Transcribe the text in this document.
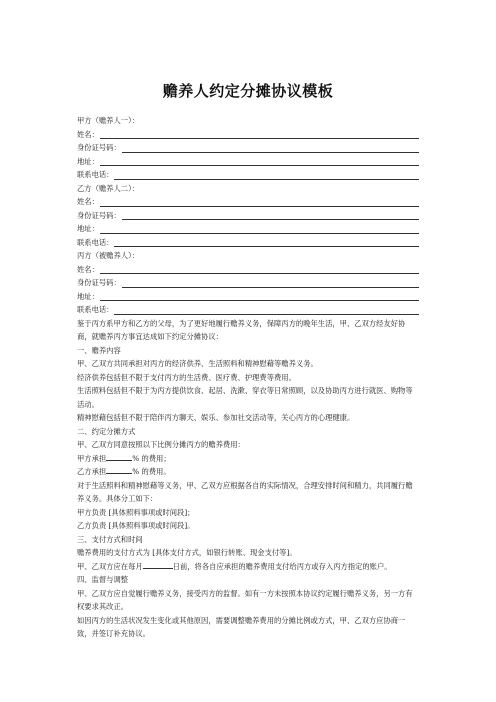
赡养人约定分摊协议模板
甲方（赡养人一）：
姓名：
身份证号码：
地址：
联系电话：
乙方（赡养人二）：
姓名：
身份证号码：
地址：
联系电话：
丙方（被赡养人）：
姓名：
身份证号码：
地址：
联系电话：
鉴于丙方系甲方和乙方的父母，为了更好地履行赡养义务，保障丙方的晚年生活，甲、乙双方经友好协商，就赡养丙方事宜达成如下约定分摊协议：
一、赡养内容
甲、乙双方共同承担对丙方的经济供养、生活照料和精神慰藉等赡养义务。
经济供养包括但不限于支付丙方的生活费、医疗费、护理费等费用。
生活照料包括但不限于为丙方提供饮食、起居、洗漱、穿衣等日常照顾，以及协助丙方进行就医、购物等活动。
精神慰藉包括但不限于陪伴丙方聊天、娱乐、参加社交活动等，关心丙方的心理健康。
二、约定分摊方式
甲、乙双方同意按照以下比例分摊丙方的赡养费用：
甲方承担	% 的费用；
乙方承担	% 的费用。
对于生活照料和精神慰藉等义务，甲、乙双方应根据各自的实际情况，合理安排时间和精力，共同履行赡养义务。具体分工如下：
甲方负责 [具体照料事项或时间段]；
乙方负责 [具体照料事项或时间段]。
三、支付方式和时间
赡养费用的支付方式为 [具体支付方式，如银行转账、现金支付等]。
甲、乙双方应在每月	日前，将各自应承担的赡养费用支付给丙方或存入丙方指定的账户。
四、监督与调整
甲、乙双方应自觉履行赡养义务，接受丙方的监督。如有一方未按照本协议约定履行赡养义务，另一方有权要求其改正。
如因丙方的生活状况发生变化或其他原因，需要调整赡养费用的分摊比例或方式，甲、乙双方应协商一致，并签订补充协议。
